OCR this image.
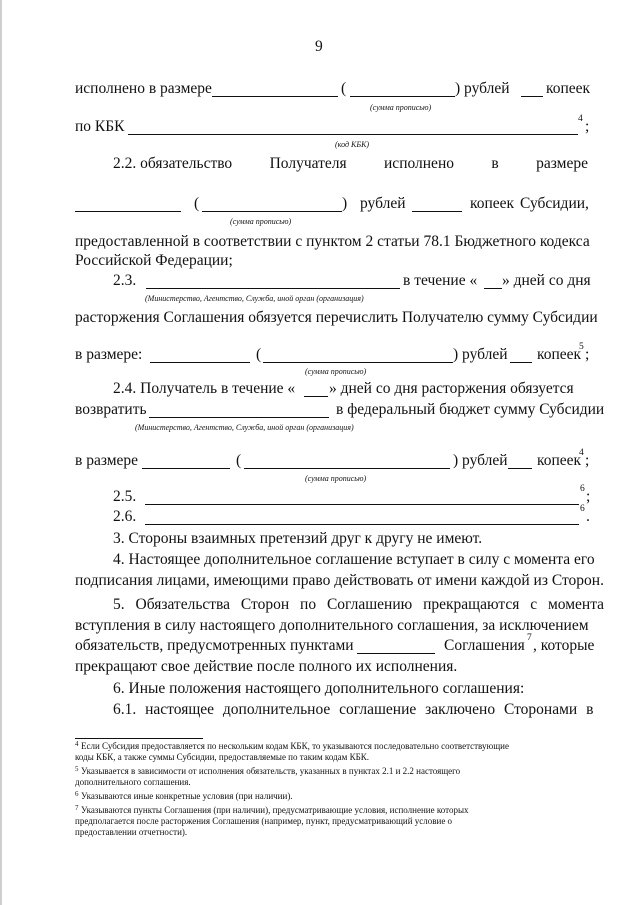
9
исполнено в размере	(	) рублей копеек
(сумма прописью)
по КБК	4 ;
(код КБК)
2.2. обязательство Получателя исполнено в размере
(	) рублей	копеек Субсидии,
(сумма прописью)
предоставленной в соответствии с пунктом 2 статьи 78.1 Бюджетного кодекса
Российской Федерации;
2.3.	в течение « » дней со дня
(Министерство, Агентство, Служба, иной орган (организация)
расторжения Соглашения обязуется перечислить Получателю сумму Субсидии
в размере:	(	) рублей копеек
5 ;
(сумма прописью)
2.4. Получатель в течение « » дней со дня расторжения обязуется
возвратить	в федеральный бюджет сумму Субсидии
(Министерство, Агентство, Служба, иной орган (организация)
в размере	(	) рублей копеек
4 ;
(сумма прописью)
2.5.	6 ;
2.6.	6 .
3. Стороны взаимных претензий друг к другу не имеют.
4. Настоящее дополнительное соглашение вступает в силу с момента его
подписания лицами, имеющими право действовать от имени каждой из Сторон.
5. Обязательства Сторон по Соглашению прекращаются с момента
вступления в силу настоящего дополнительного соглашения, за исключением
обязательств, предусмотренных пунктами	Соглашения 7 , которые
прекращают свое действие после полного их исполнения.
6. Иные положения настоящего дополнительного соглашения:
6.1. настоящее дополнительное соглашение заключено Сторонами в
4 Если Субсидия предоставляется по нескольким кодам КБК, то указываются последовательно соответствующие
коды КБК, а также суммы Субсидии, предоставляемые по таким кодам КБК.
5 Указывается в зависимости от исполнения обязательств, указанных в пунктах 2.1 и 2.2 настоящего
дополнительного соглашения.
6 Указываются иные конкретные условия (при наличии).
7 Указываются пункты Соглашения (при наличии), предусматривающие условия, исполнение которых
предполагается после расторжения Соглашения (например, пункт, предусматривающий условие о
предоставлении отчетности).
